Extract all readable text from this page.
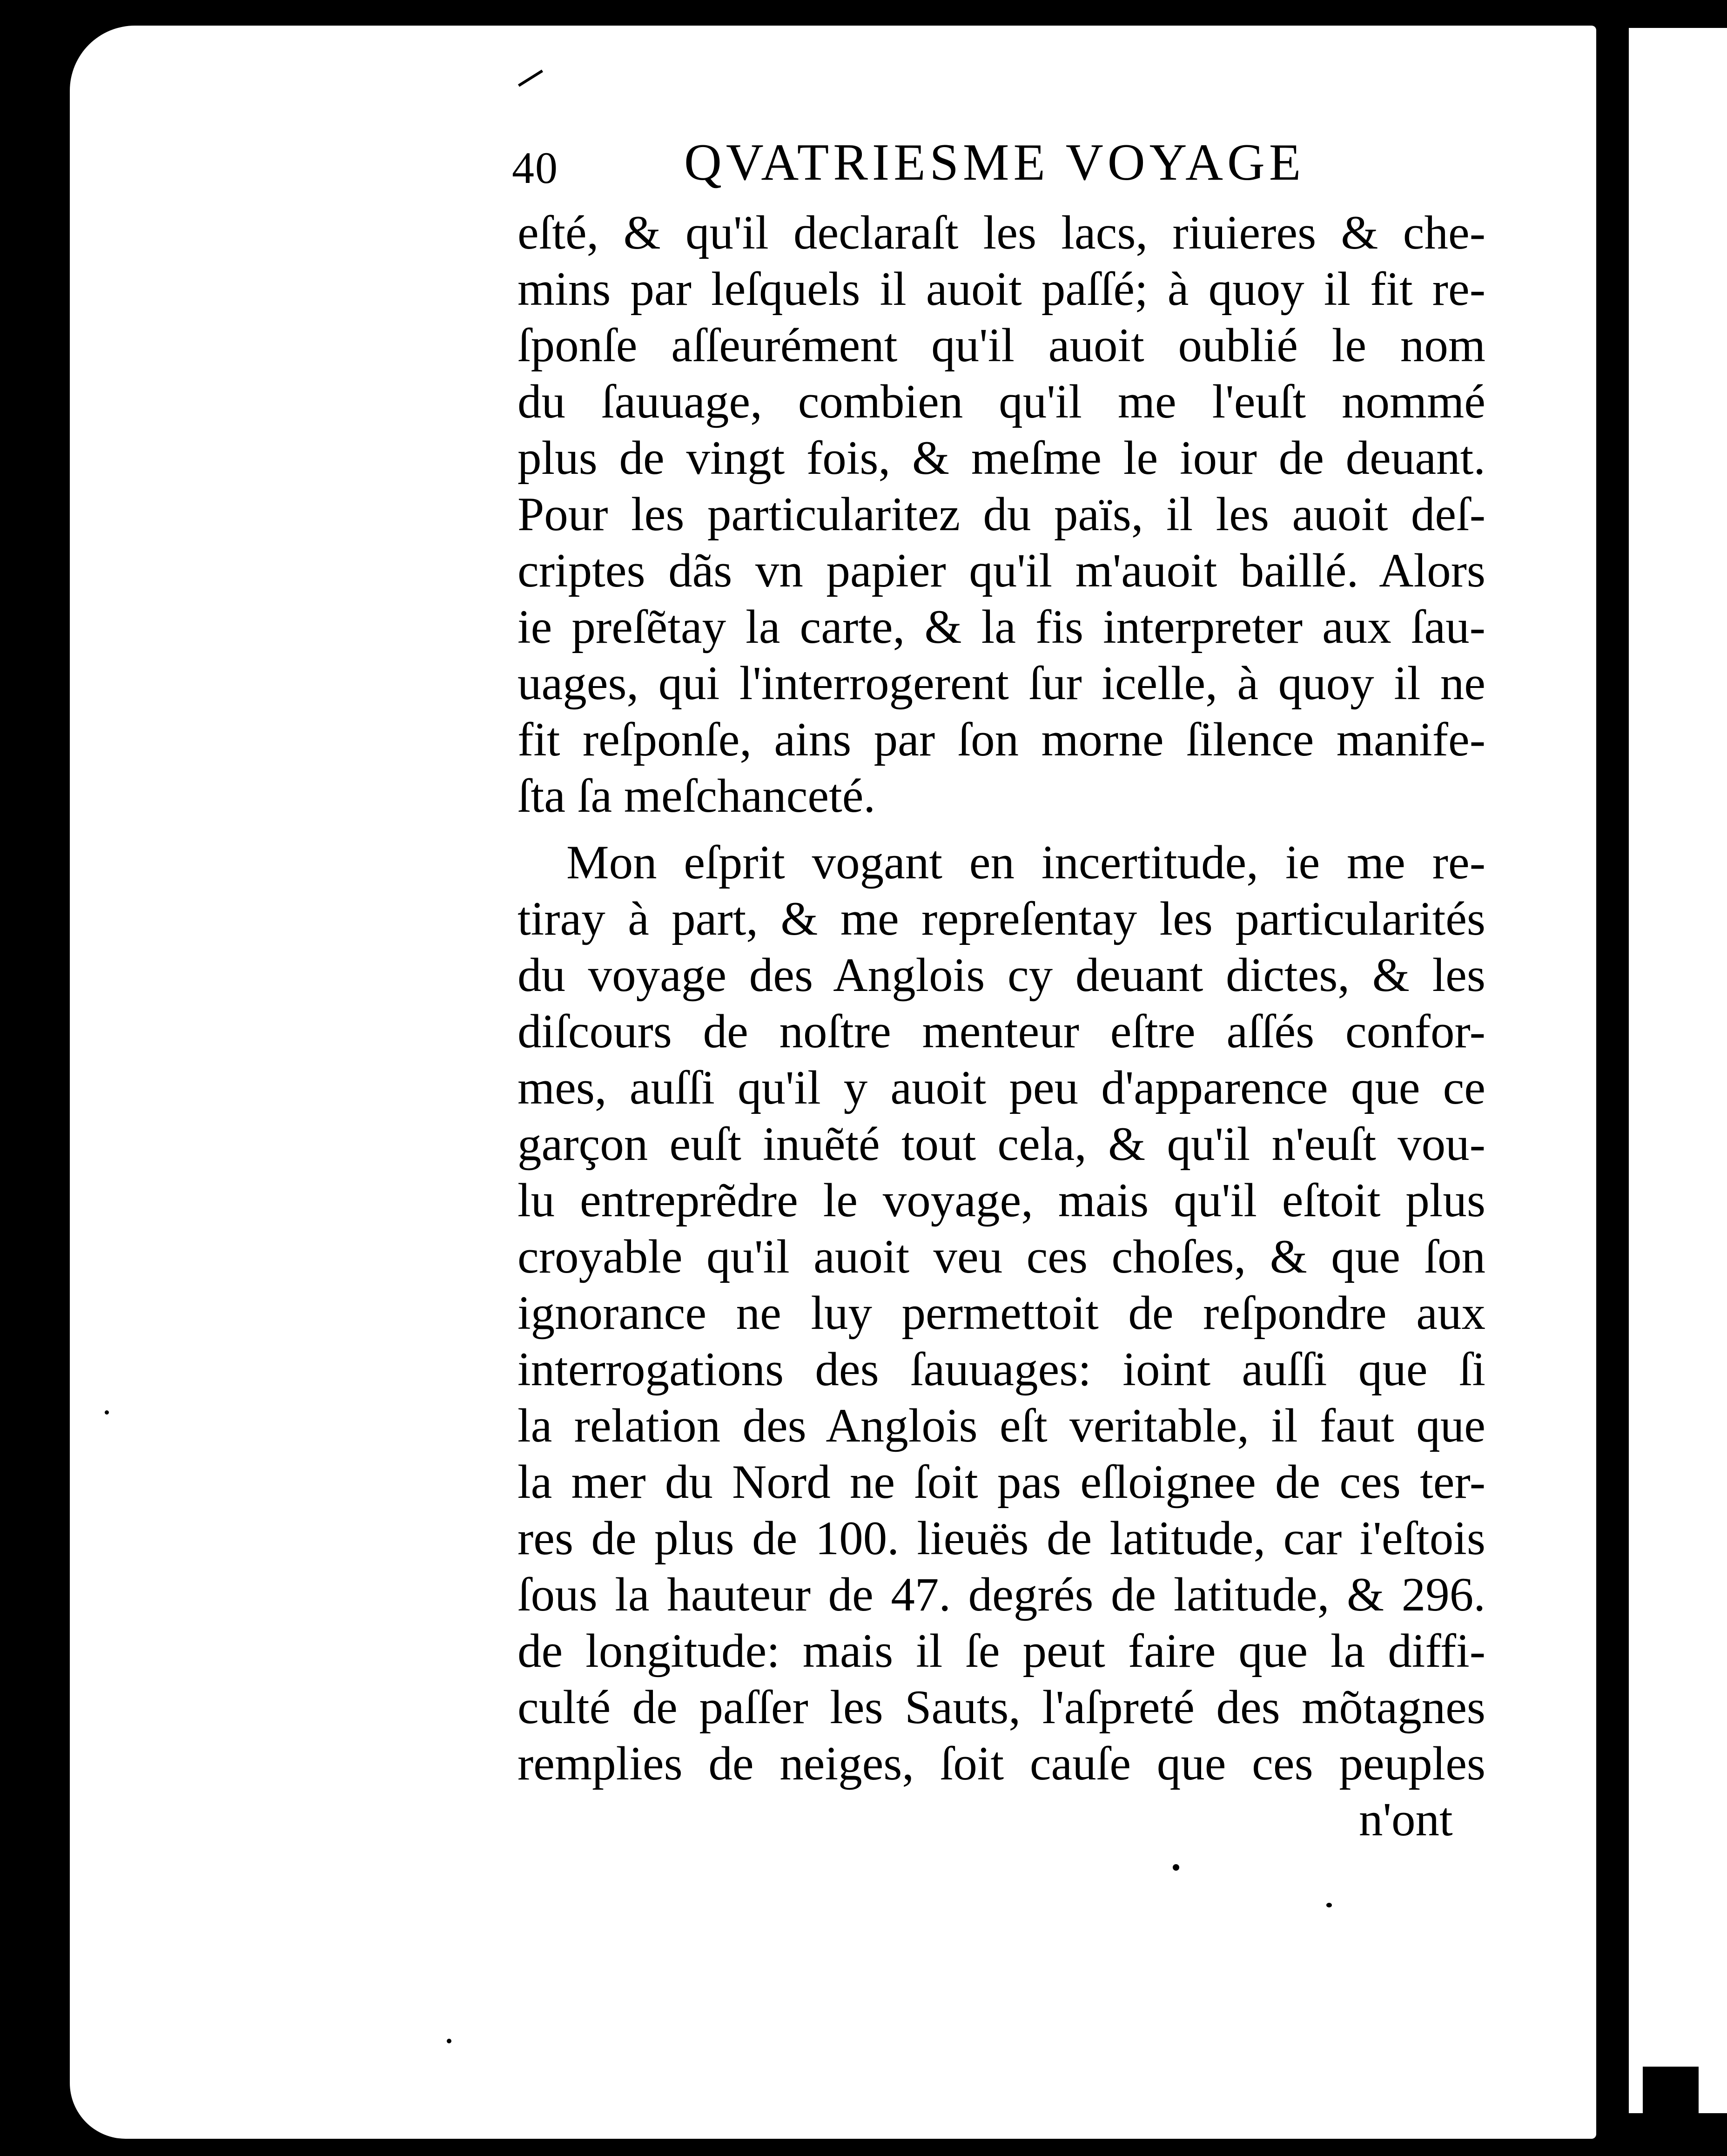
40 QVATRIESME VOYAGE
eſté, & qu'il declaraſt les lacs, riuieres & che-
mins par leſquels il auoit paſſé; à quoy il fit re-
ſponſe aſſeurément qu'il auoit oublié le nom
du ſauuage, combien qu'il me l'euſt nommé
plus de vingt fois, & meſme le iour de deuant.
Pour les particularitez du païs, il les auoit deſ-
criptes dãs vn papier qu'il m'auoit baillé. Alors
ie preſẽtay la carte, & la fis interpreter aux ſau-
uages, qui l'interrogerent ſur icelle, à quoy il ne
fit reſponſe, ains par ſon morne ſilence manife-
ſta ſa meſchanceté.
Mon eſprit vogant en incertitude, ie me re-
tiray à part, & me repreſentay les particularités
du voyage des Anglois cy deuant dictes, & les
diſcours de noſtre menteur eſtre aſſés confor-
mes, auſſi qu'il y auoit peu d'apparence que ce
garçon euſt inuẽté tout cela, & qu'il n'euſt vou-
lu entreprẽdre le voyage, mais qu'il eſtoit plus
croyable qu'il auoit veu ces choſes, & que ſon
ignorance ne luy permettoit de reſpondre aux
interrogations des ſauuages: ioint auſſi que ſi
la relation des Anglois eſt veritable, il faut que
la mer du Nord ne ſoit pas eſloignee de ces ter-
res de plus de 100. lieuës de latitude, car i'eſtois
ſous la hauteur de 47. degrés de latitude, & 296.
de longitude: mais il ſe peut faire que la diffi-
culté de paſſer les Sauts, l'aſpreté des mõtagnes
remplies de neiges, ſoit cauſe que ces peuples
n'ont
